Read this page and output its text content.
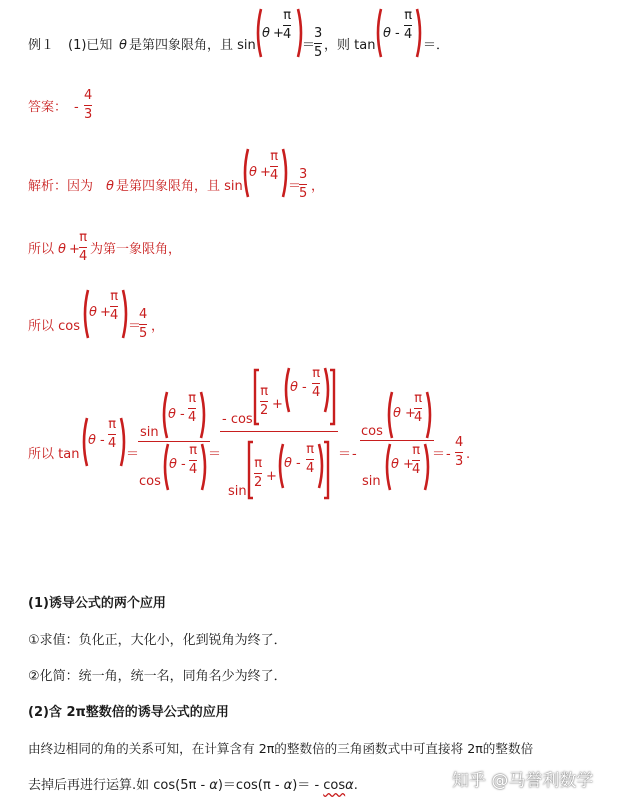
例１ (1)已知 θ 是第四象限角，且 sin
θ +
π
4
＝
3
5 ，则 tan
θ -
π
4
＝．
答案： -
4
3
解析：因为 θ 是第四象限角，且 sin
θ +
π
4
＝
3
5 ，
所以 θ +
π
4 为第一象限角，
所以 cos
θ +
π
4
＝
4
5 ，
所以 tan
θ -
π
4
＝
sin
θ -
π
4
cos
θ -
π
4
＝
- cos
π
2 +
θ -
π
4
sin
π
2 +
θ -
π
4
＝ -
cos
θ +
π
4
sin
θ +
π
4
＝ -
4
3 .
(1)诱导公式的两个应用
①求值：负化正，大化小，化到锐角为终了．
②化简：统一角，统一名，同角名少为终了．
(2)含 2π整数倍的诱导公式的应用
由终边相同的角的关系可知，在计算含有 2π的整数倍的三角函数式中可直接将 2π的整数倍
去掉后再进行运算.如 cos(5π - α)＝cos(π - α)＝ - cosα.	知乎 @马誉利数学
